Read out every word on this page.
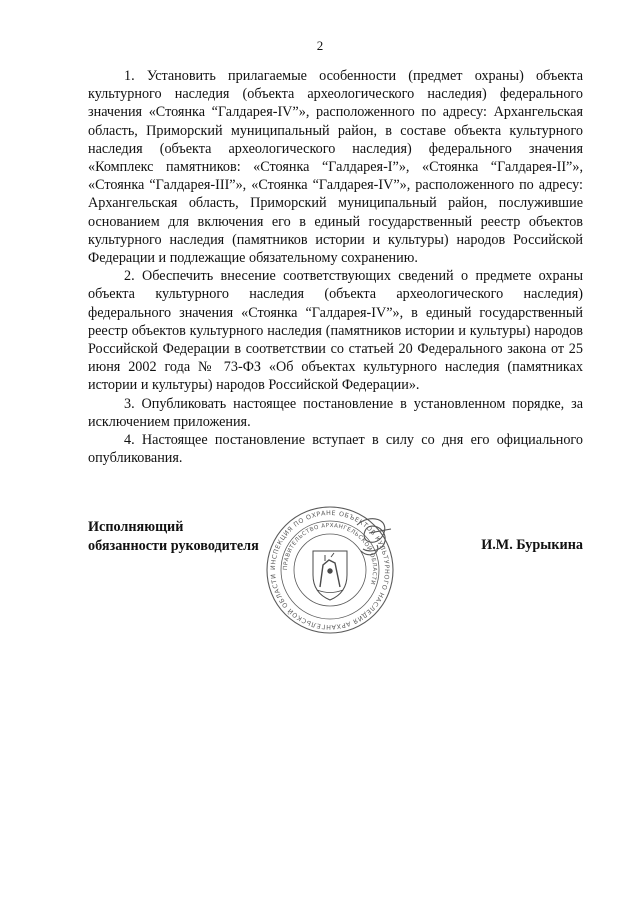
2

1. Установить прилагаемые особенности (предмет охраны) объекта культурного наследия (объекта археологического наследия) федерального значения «Стоянка “Галдарея-IV”», расположенного по адресу: Архангельская область, Приморский муниципальный район, в составе объекта культурного наследия (объекта археологического наследия) федерального значения «Комплекс памятников: «Стоянка “Галдарея-I”», «Стоянка “Галдарея-II”», «Стоянка “Галдарея-III”», «Стоянка “Галдарея-IV”», расположенного по адресу: Архангельская область, Приморский муниципальный район, послужившие основанием для включения его в единый государственный реестр объектов культурного наследия (памятников истории и культуры) народов Российской Федерации и подлежащие обязательному сохранению.

2. Обеспечить внесение соответствующих сведений о предмете охраны объекта культурного наследия (объекта археологического наследия) федерального значения «Стоянка “Галдарея-IV”», в единый государственный реестр объектов культурного наследия (памятников истории и культуры) народов Российской Федерации в соответствии со статьей 20 Федерального закона от 25 июня 2002 года № 73-ФЗ «Об объектах культурного наследия (памятниках истории и культуры) народов Российской Федерации».

3. Опубликовать настоящее постановление в установленном порядке, за исключением приложения.

4. Настоящее постановление вступает в силу со дня его официального опубликования.

Исполняющий
обязанности руководителя	И.М. Бурыкина
ИНСПЕКЦИЯ ПО ОХРАНЕ ОБЪЕКТОВ КУЛЬТУРНОГО НАСЛЕДИЯ АРХАНГЕЛЬСКОЙ ОБЛАСТИ
ПРАВИТЕЛЬСТВО АРХАНГЕЛЬСКОЙ ОБЛАСТИ
